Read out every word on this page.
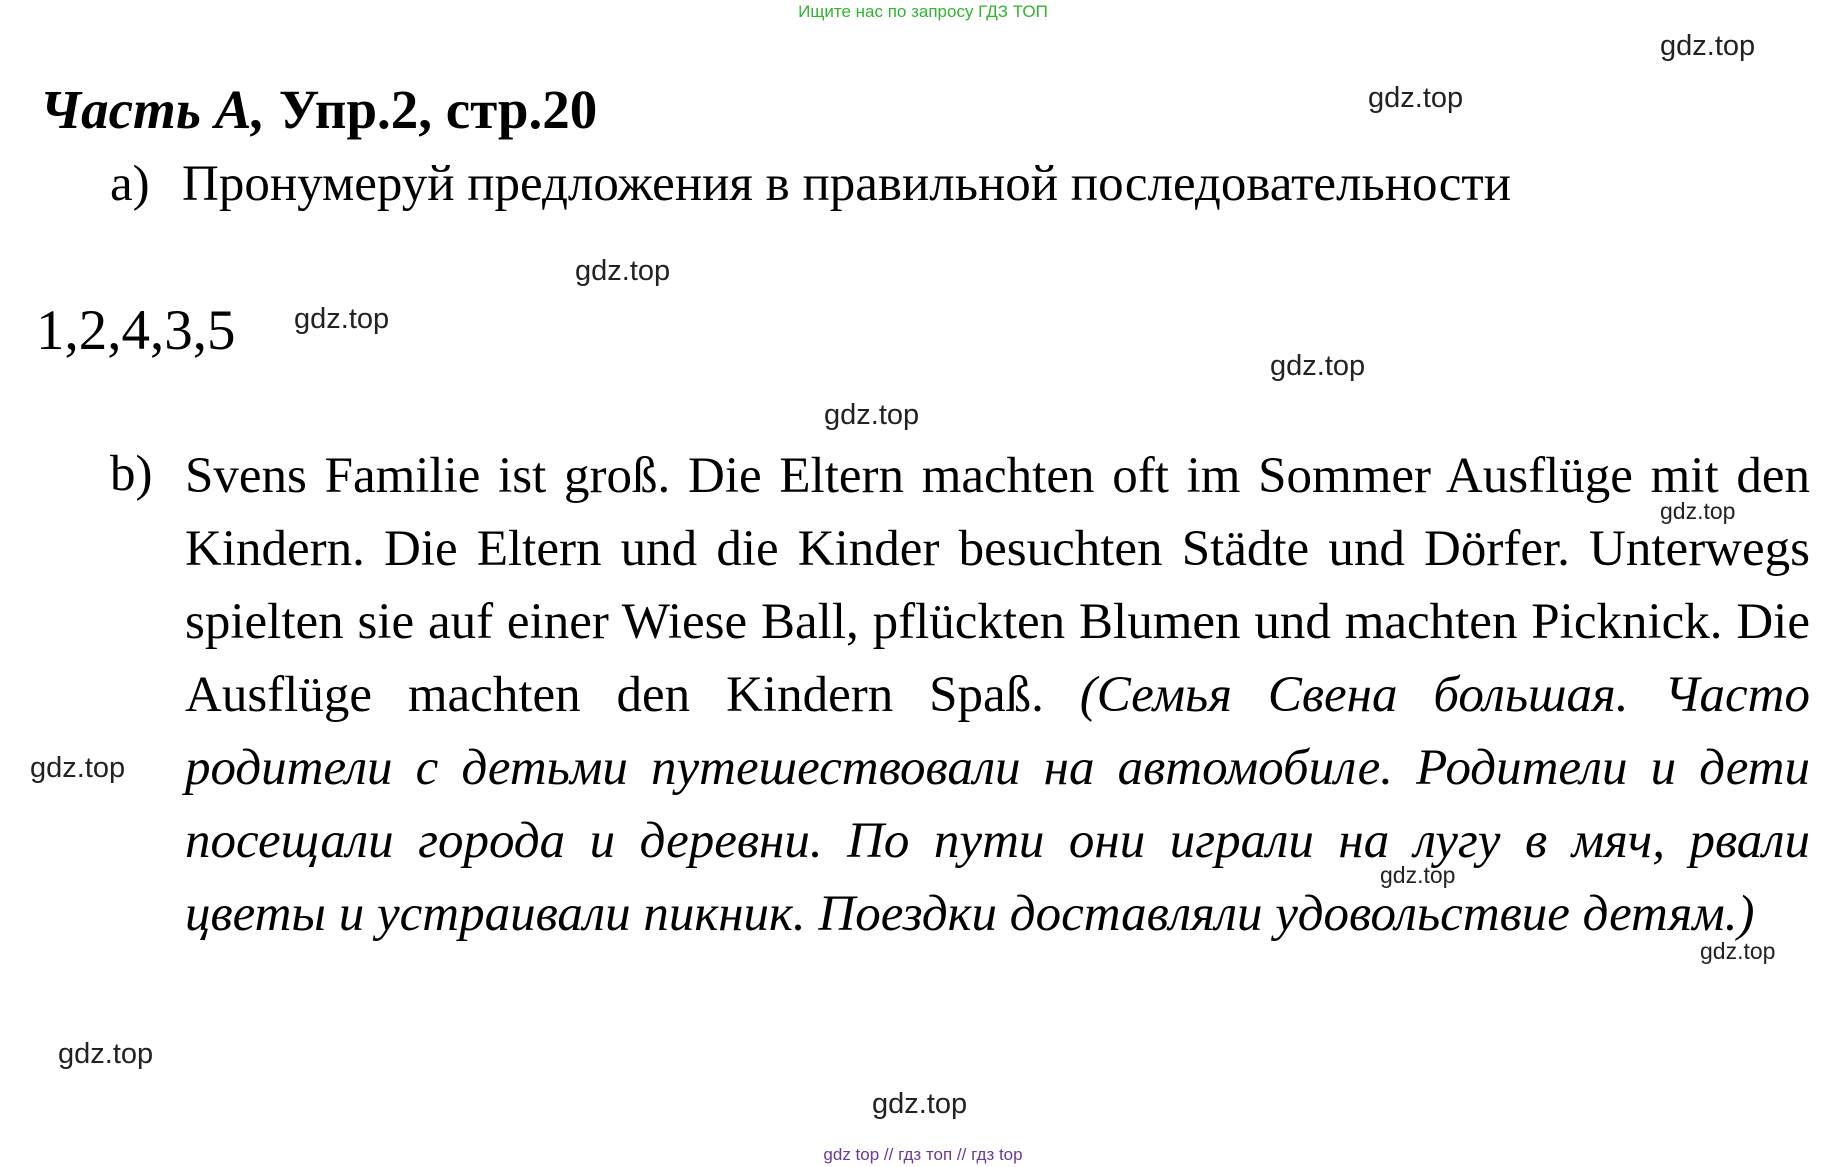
Ищите нас по запросу ГДЗ ТОП
Часть A, Упр.2, стр.20
a) Пронумеруй предложения в правильной последовательности
1,2,4,3,5
b) Svens Familie ist groß. Die Eltern machten oft im Sommer Ausflüge mit den Kindern. Die Eltern und die Kinder besuchten Städte und Dörfer. Unterwegs spielten sie auf einer Wiese Ball, pflückten Blumen und machten Picknick. Die Ausflüge machten den Kindern Spaß. (Семья Свена большая. Часто родители с детьми путешествовали на автомобиле. Родители и дети посещали города и деревни. По пути они играли на лугу в мяч, рвали цветы и устраивали пикник. Поездки доставляли удовольствие детям.)
gdz.top
gdz.top
gdz.top
gdz.top
gdz.top
gdz.top
gdz.top
gdz.top
gdz.top
gdz.top
gdz.top
gdz.top
gdz top // гдз топ // гдз top
